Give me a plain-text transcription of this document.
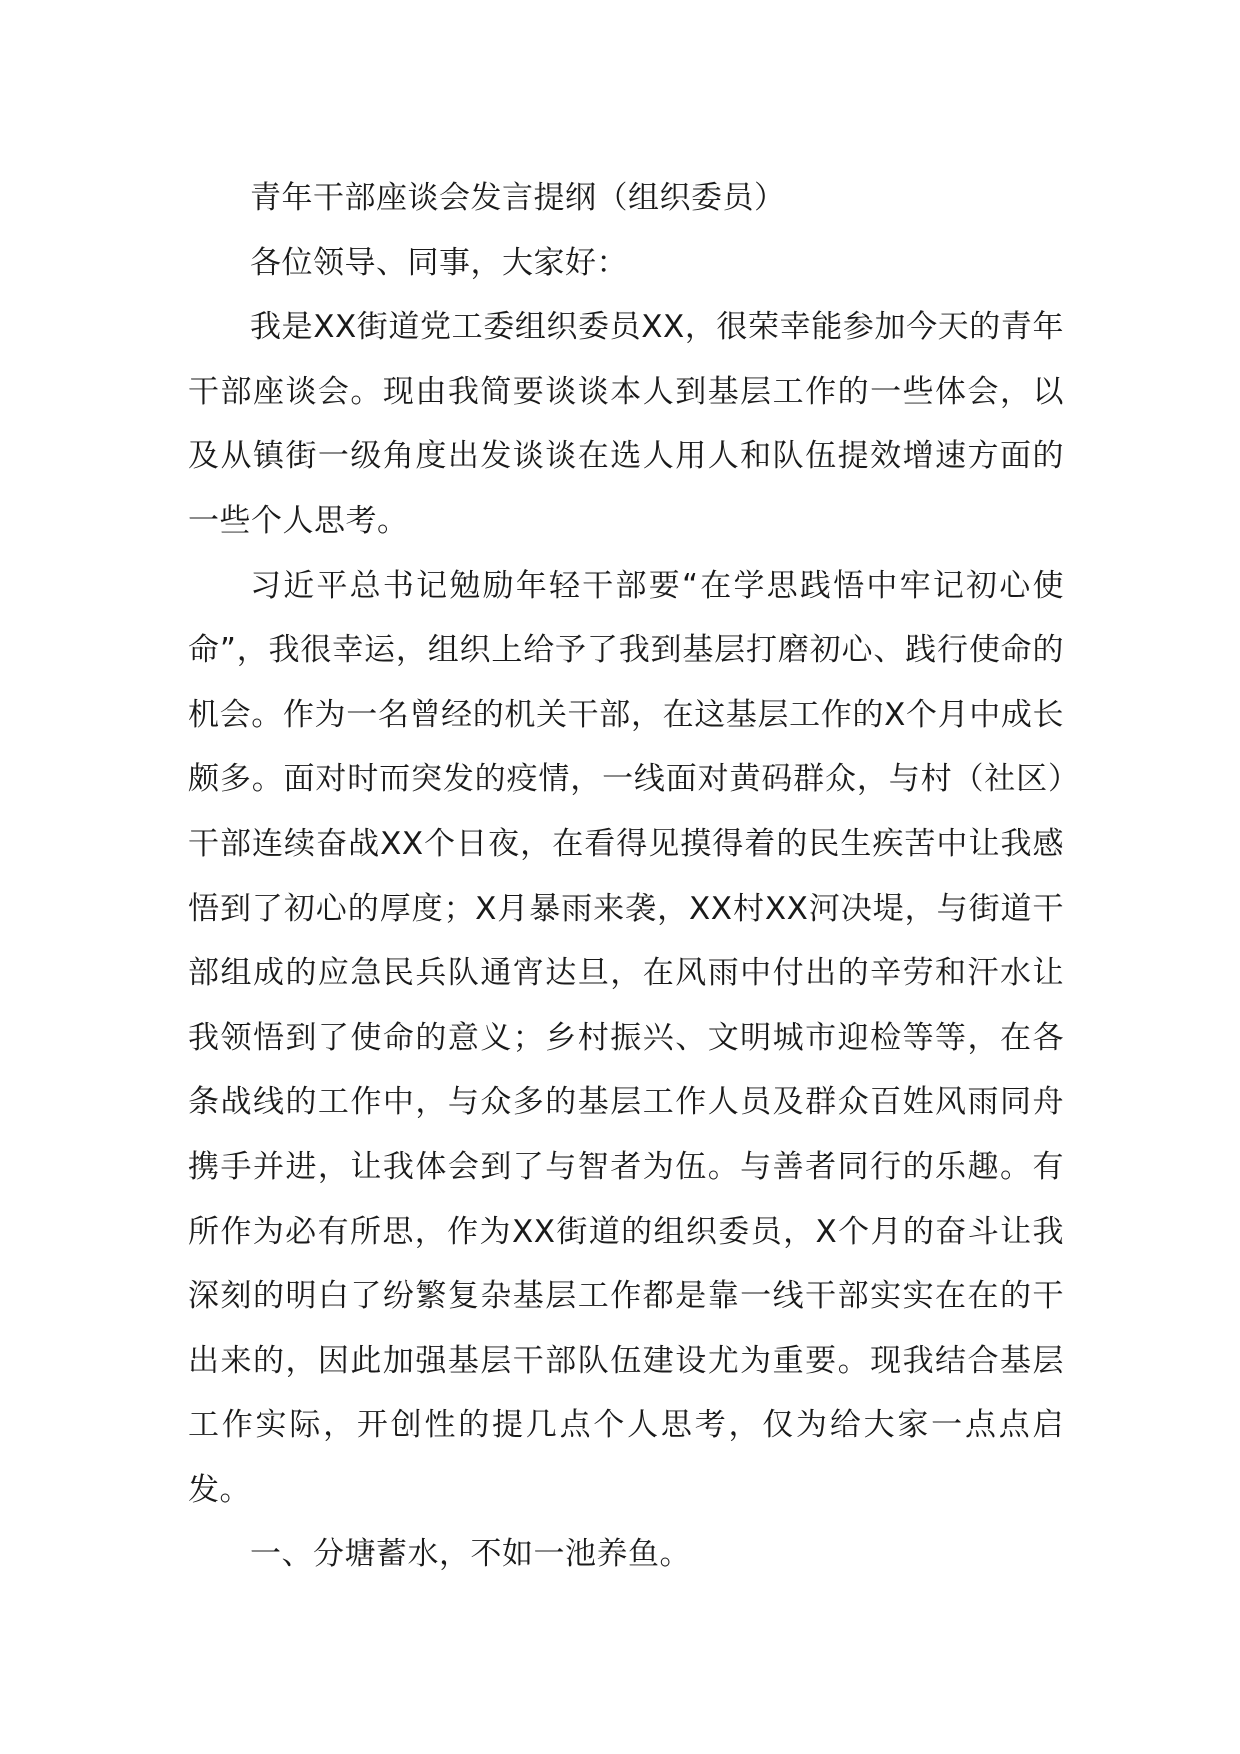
青年干部座谈会发言提纲（组织委员）

各位领导、同事，大家好：

我是XX街道党工委组织委员XX，很荣幸能参加今天的青年干部座谈会。现由我简要谈谈本人到基层工作的一些体会，以及从镇街一级角度出发谈谈在选人用人和队伍提效增速方面的一些个人思考。

习近平总书记勉励年轻干部要“在学思践悟中牢记初心使命”，我很幸运，组织上给予了我到基层打磨初心、践行使命的机会。作为一名曾经的机关干部，在这基层工作的X个月中成长颇多。面对时而突发的疫情，一线面对黄码群众，与村（社区）干部连续奋战XX个日夜，在看得见摸得着的民生疾苦中让我感悟到了初心的厚度；X月暴雨来袭，XX村XX河决堤，与街道干部组成的应急民兵队通宵达旦，在风雨中付出的辛劳和汗水让我领悟到了使命的意义；乡村振兴、文明城市迎检等等，在各条战线的工作中，与众多的基层工作人员及群众百姓风雨同舟携手并进，让我体会到了与智者为伍。与善者同行的乐趣。有所作为必有所思，作为XX街道的组织委员，X个月的奋斗让我深刻的明白了纷繁复杂基层工作都是靠一线干部实实在在的干出来的，因此加强基层干部队伍建设尤为重要。现我结合基层工作实际，开创性的提几点个人思考，仅为给大家一点点启发。

一、分塘蓄水，不如一池养鱼。
